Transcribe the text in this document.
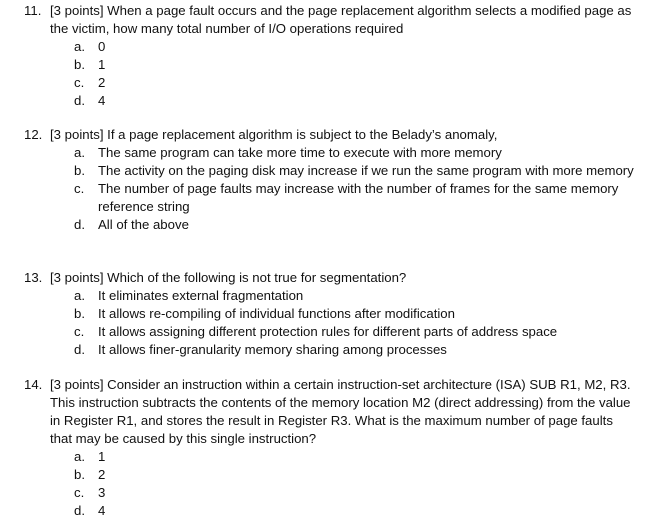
11. [3 points] When a page fault occurs and the page replacement algorithm selects a modified page as the victim, how many total number of I/O operations required
a. 0
b. 1
c.	2
d. 4
12. [3 points] If a page replacement algorithm is subject to the Belady’s anomaly,
a. The same program can take more time to execute with more memory
b. The activity on the paging disk may increase if we run the same program with more memory
c.	The number of page faults may increase with the number of frames for the same memory reference string
d. All of the above
13. [3 points] Which of the following is not true for segmentation?
a. It eliminates external fragmentation
b. It allows re-compiling of individual functions after modification
c.	It allows assigning different protection rules for different parts of address space
d. It allows finer-granularity memory sharing among processes
14. [3 points] Consider an instruction within a certain instruction-set architecture (ISA) SUB R1, M2, R3. This instruction subtracts the contents of the memory location M2 (direct addressing) from the value in Register R1, and stores the result in Register R3. What is the maximum number of page faults that may be caused by this single instruction?
a. 1
b. 2
c.	3
d. 4
